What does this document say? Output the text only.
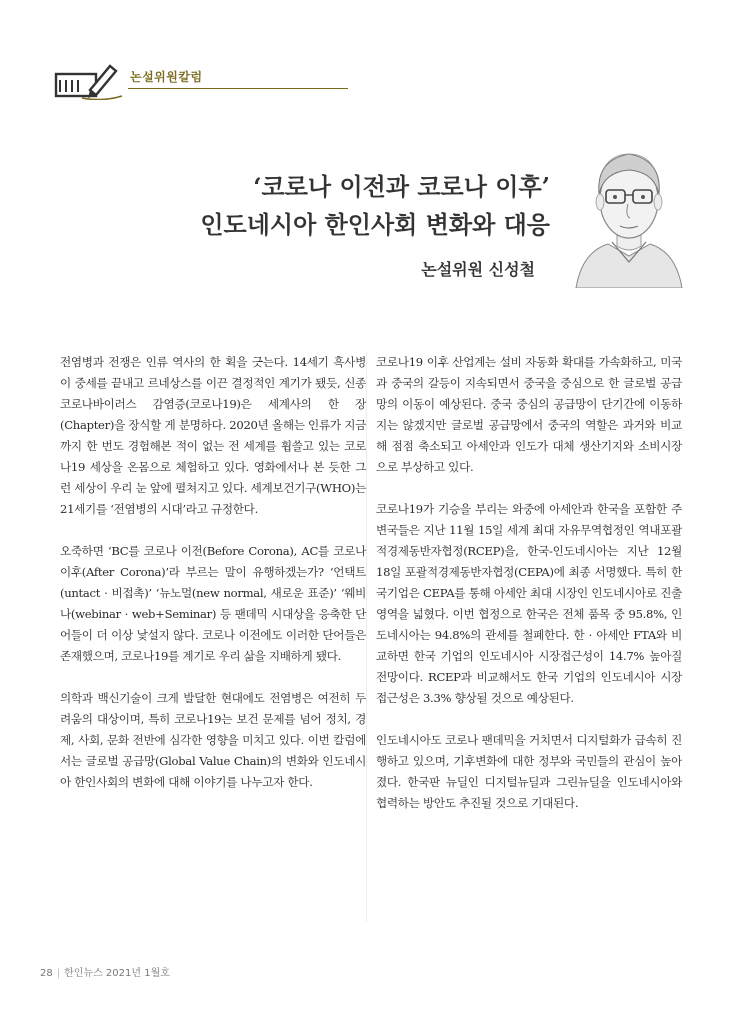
논설위원칼럼
‘코로나 이전과 코로나 이후’
인도네시아 한인사회 변화와 대응
논설위원 신성철

전염병과 전쟁은 인류 역사의 한 획을 긋는다. 14세기 흑사병이 중세를 끝내고 르네상스를 이끈 결정적인 계기가 됐듯, 신종 코로나바이러스 감염증(코로나19)은 세계사의 한 장(Chapter)을 장식할 게 분명하다. 2020년 올해는 인류가 지금까지 한 번도 경험해본 적이 없는 전 세계를 휩쓸고 있는 코로나19 세상을 온몸으로 체험하고 있다. 영화에서나 본 듯한 그런 세상이 우리 눈 앞에 펼쳐지고 있다. 세계보건기구(WHO)는 21세기를 ‘전염병의 시대’라고 규정한다.

오죽하면 ‘BC를 코로나 이전(Before Corona), AC를 코로나 이후(After Corona)’라 부르는 말이 유행하겠는가? ‘언택트(untact · 비접촉)’ ‘뉴노멀(new normal, 새로운 표준)’ ‘웨비나(webinar · web+Seminar) 등 팬데믹 시대상을 응축한 단어들이 더 이상 낯설지 않다. 코로나 이전에도 이러한 단어들은 존재했으며, 코로나19를 계기로 우리 삶을 지배하게 됐다.

의학과 백신기술이 크게 발달한 현대에도 전염병은 여전히 두려움의 대상이며, 특히 코로나19는 보건 문제를 넘어 정치, 경제, 사회, 문화 전반에 심각한 영향을 미치고 있다. 이번 칼럼에서는 글로벌 공급망(Global Value Chain)의 변화와 인도네시아 한인사회의 변화에 대해 이야기를 나누고자 한다.

코로나19 이후 산업계는 설비 자동화 확대를 가속화하고, 미국과 중국의 갈등이 지속되면서 중국을 중심으로 한 글로벌 공급망의 이동이 예상된다. 중국 중심의 공급망이 단기간에 이동하지는 않겠지만 글로벌 공급망에서 중국의 역할은 과거와 비교해 점점 축소되고 아세안과 인도가 대체 생산기지와 소비시장으로 부상하고 있다.

코로나19가 기승을 부리는 와중에 아세안과 한국을 포함한 주변국들은 지난 11월 15일 세계 최대 자유무역협정인 역내포괄적경제동반자협정(RCEP)을, 한국-인도네시아는 지난 12월 18일 포괄적경제동반자협정(CEPA)에 최종 서명했다. 특히 한국기업은 CEPA를 통해 아세안 최대 시장인 인도네시아로 진출 영역을 넓혔다. 이번 협정으로 한국은 전체 품목 중 95.8%, 인도네시아는 94.8%의 관세를 철폐한다. 한 · 아세안 FTA와 비교하면 한국 기업의 인도네시아 시장접근성이 14.7% 높아질 전망이다. RCEP과 비교해서도 한국 기업의 인도네시아 시장접근성은 3.3% 향상될 것으로 예상된다.

인도네시아도 코로나 팬데믹을 거치면서 디지털화가 급속히 진행하고 있으며, 기후변화에 대한 정부와 국민들의 관심이 높아졌다. 한국판 뉴딜인 디지털뉴딜과 그린뉴딜을 인도네시아와 협력하는 방안도 추진될 것으로 기대된다.

28 | 한인뉴스 2021년 1월호
